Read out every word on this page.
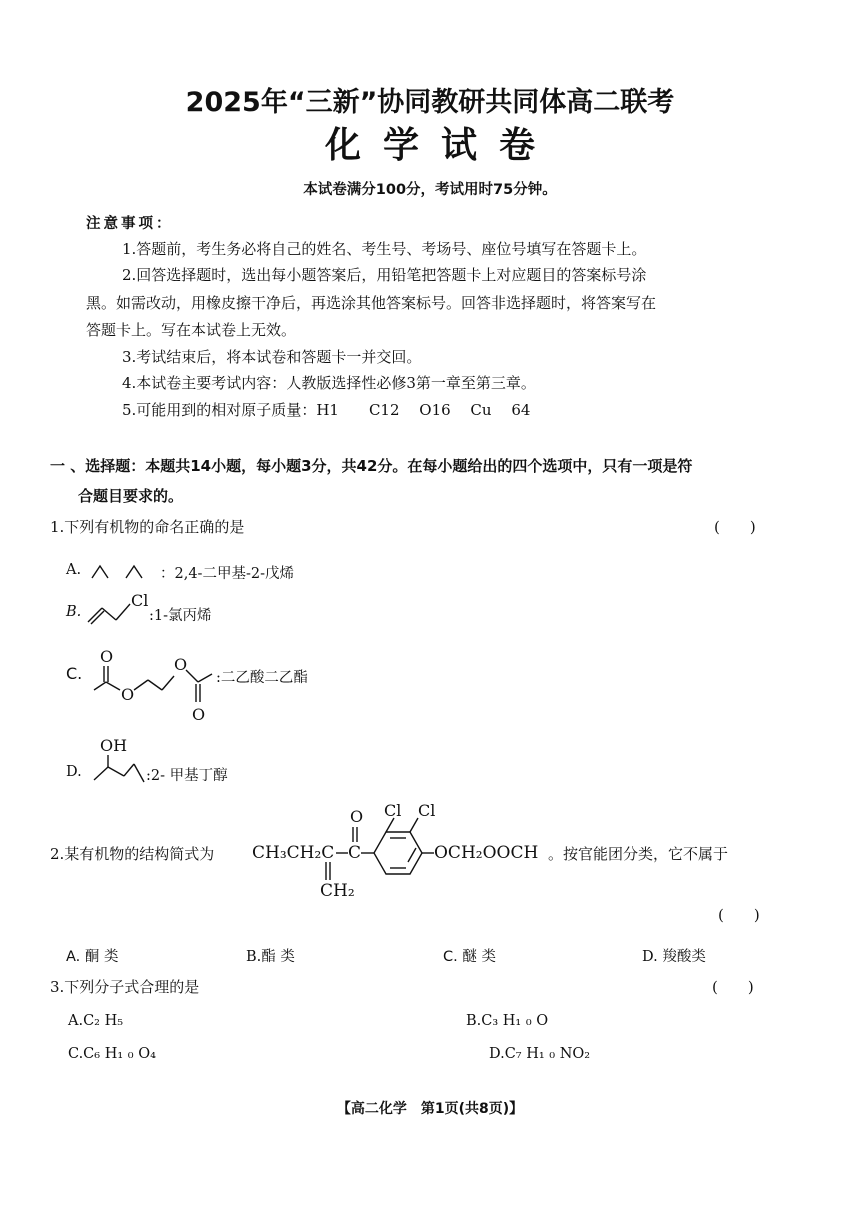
2025年“三新”协同教研共同体高二联考
化学试卷
本试卷满分100分，考试用时75分钟。
注意事项：
1.答题前，考生务必将自己的姓名、考生号、考场号、座位号填写在答题卡上。
2.回答选择题时，选出每小题答案后，用铅笔把答题卡上对应题目的答案标号涂
黑。如需改动，用橡皮擦干净后，再选涂其他答案标号。回答非选择题时，将答案写在
答题卡上。写在本试卷上无效。
3.考试结束后，将本试卷和答题卡一并交回。
4.本试卷主要考试内容：人教版选择性必修3第一章至第三章。
5.可能用到的相对原子质量：H1　　C12　 O16　 Cu　 64
一 、选择题：本题共14小题，每小题3分，共42分。在每小题给出的四个选项中，只有一项是符
合题目要求的。
1.下列有机物的命名正确的是	(　　)
A.	：2,4-二甲基-2-戊烯
B.
Cl
:1-氯丙烯
C.
O
O
O
O
:二乙酸二乙酯
D.
OH
:2- 甲基丁醇
2.某有机物的结构简式为 CH₃CH₂C C
O
CH₂
Cl Cl
OCH₂OOCH 。按官能团分类，它不属于
(　　)
A. 酮 类	B.酯 类	C. 醚 类	D. 羧酸类
3.下列分子式合理的是	(　　)
A.C₂ H₅	B.C₃ H₁ ₀ O
C.C₆ H₁ ₀ O₄	D.C₇ H₁ ₀ NO₂
【高二化学　第1页(共8页)】
